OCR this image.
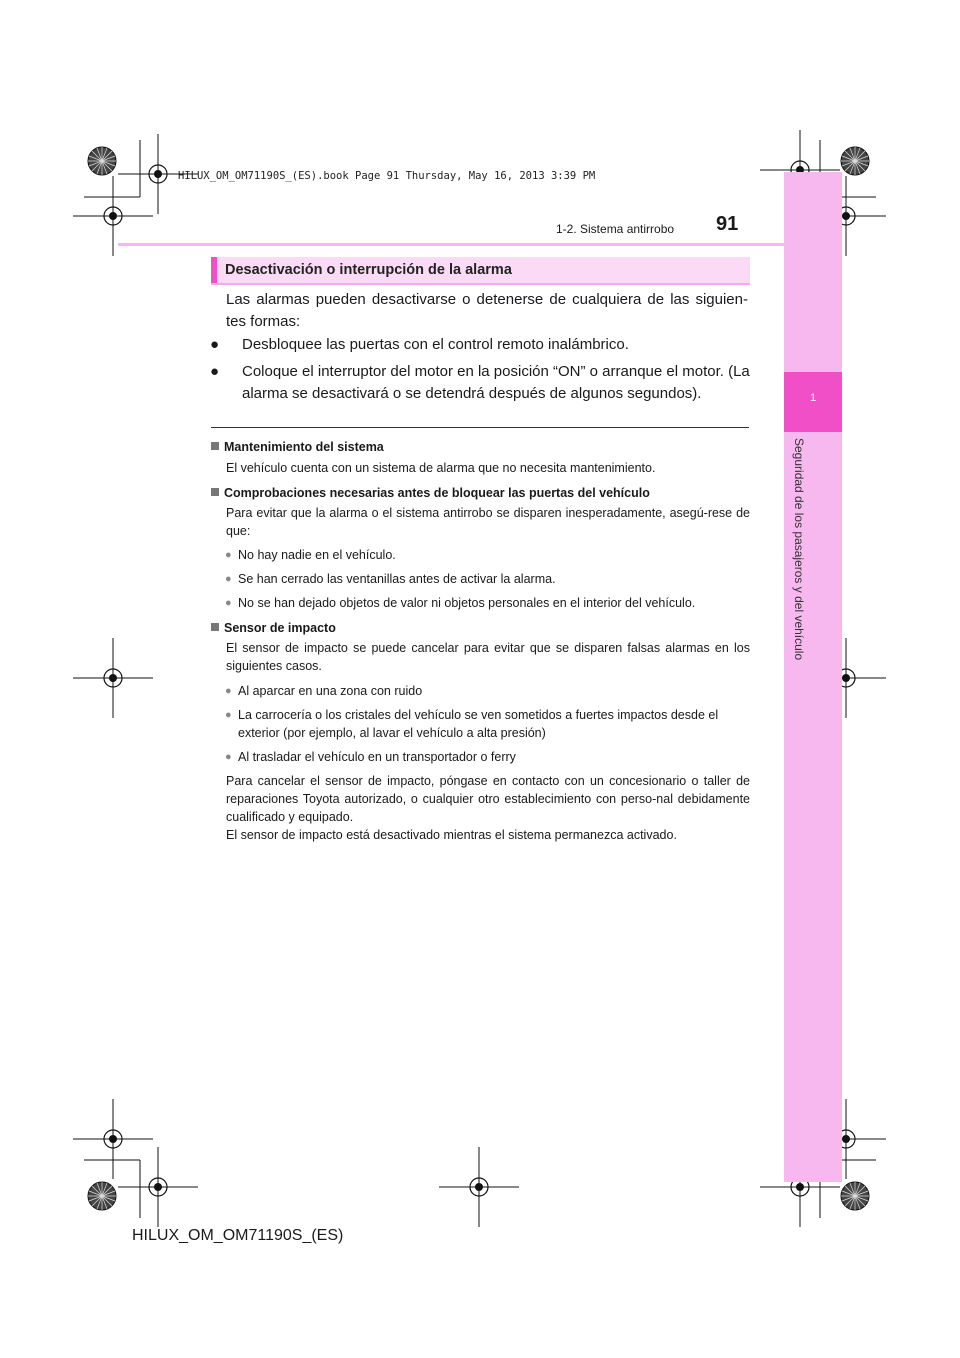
1
Seguridad de los pasajeros y del vehículo
HILUX_OM_OM71190S_(ES).book Page 91 Thursday, May 16, 2013 3:39 PM
1-2. Sistema antirrobo 91
Desactivación o interrupción de la alarma
Las alarmas pueden desactivarse o detenerse de cualquiera de las siguien-tes formas:
● Desbloquee las puertas con el control remoto inalámbrico.
● Coloque el interruptor del motor en la posición “ON” o arranque el motor. (La alarma se desactivará o se detendrá después de algunos segundos).
Mantenimiento del sistema
El vehículo cuenta con un sistema de alarma que no necesita mantenimiento.
Comprobaciones necesarias antes de bloquear las puertas del vehículo
Para evitar que la alarma o el sistema antirrobo se disparen inesperadamente, asegú-rese de que:
● No hay nadie en el vehículo.
● Se han cerrado las ventanillas antes de activar la alarma.
● No se han dejado objetos de valor ni objetos personales en el interior del vehículo.
Sensor de impacto
El sensor de impacto se puede cancelar para evitar que se disparen falsas alarmas en los siguientes casos.
● Al aparcar en una zona con ruido
● La carrocería o los cristales del vehículo se ven sometidos a fuertes impactos desde el exterior (por ejemplo, al lavar el vehículo a alta presión)
● Al trasladar el vehículo en un transportador o ferry
Para cancelar el sensor de impacto, póngase en contacto con un concesionario o taller de reparaciones Toyota autorizado, o cualquier otro establecimiento con perso-nal debidamente cualificado y equipado.
El sensor de impacto está desactivado mientras el sistema permanezca activado.
HILUX_OM_OM71190S_(ES)
